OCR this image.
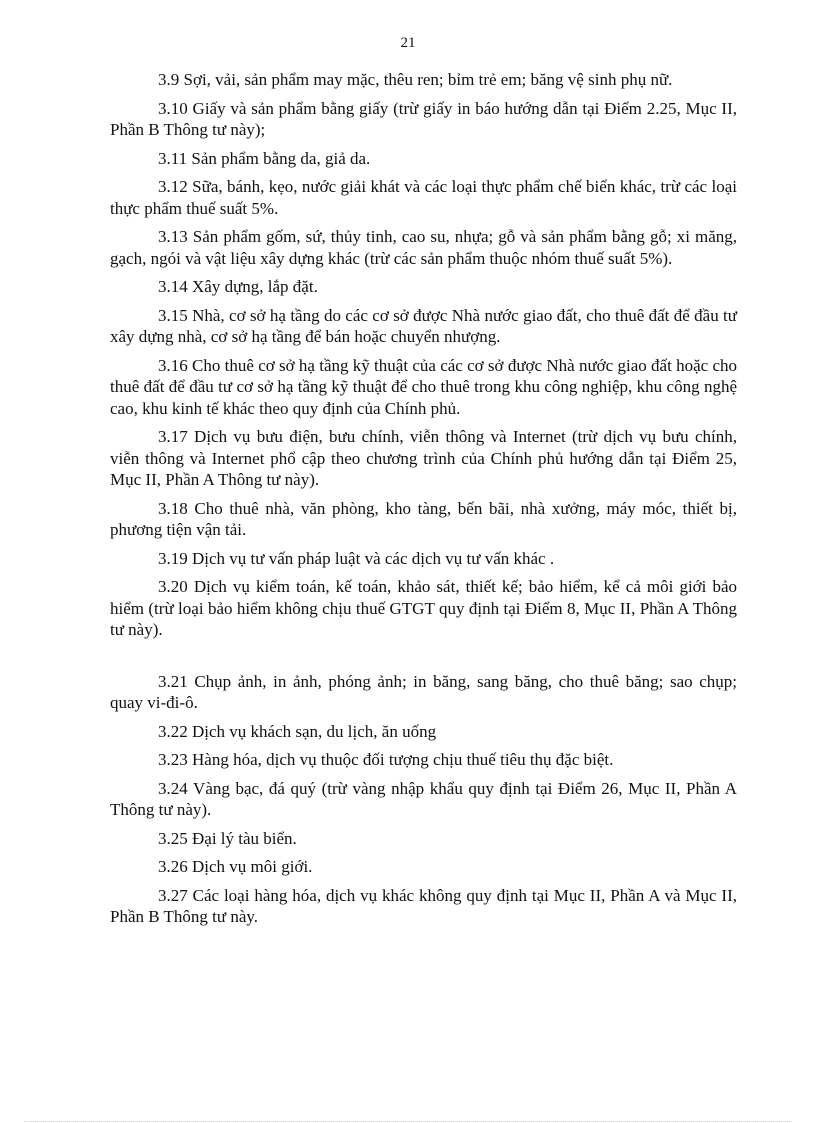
21

3.9 Sợi, vải, sản phẩm may mặc, thêu ren; bỉm trẻ em; băng vệ sinh phụ nữ.

3.10 Giấy và sản phẩm bằng giấy (trừ giấy in báo hướng dẫn tại Điểm 2.25, Mục II, Phần B Thông tư này);

3.11 Sản phẩm bằng da, giả da.

3.12 Sữa, bánh, kẹo, nước giải khát và các loại thực phẩm chế biến khác, trừ các loại thực phẩm thuế suất 5%.

3.13 Sản phẩm gốm, sứ, thủy tinh, cao su, nhựa; gỗ và sản phẩm bằng gỗ; xi măng, gạch, ngói và vật liệu xây dựng khác (trừ các sản phẩm thuộc nhóm thuế suất 5%).

3.14 Xây dựng, lắp đặt.

3.15 Nhà, cơ sở hạ tầng do các cơ sở được Nhà nước giao đất, cho thuê đất để đầu tư xây dựng nhà, cơ sở hạ tầng để bán hoặc chuyển nhượng.

3.16 Cho thuê cơ sở hạ tầng kỹ thuật của các cơ sở được Nhà nước giao đất hoặc cho thuê đất để đầu tư cơ sở hạ tầng kỹ thuật để cho thuê trong khu công nghiệp, khu công nghệ cao, khu kinh tế khác theo quy định của Chính phủ.

3.17 Dịch vụ bưu điện, bưu chính, viễn thông và Internet (trừ dịch vụ bưu chính, viễn thông và Internet phổ cập theo chương trình của Chính phủ hướng dẫn tại Điểm 25, Mục II, Phần A Thông tư này).

3.18 Cho thuê nhà, văn phòng, kho tàng, bến bãi, nhà xưởng, máy móc, thiết bị, phương tiện vận tải.

3.19 Dịch vụ tư vấn pháp luật và các dịch vụ tư vấn khác .

3.20 Dịch vụ kiểm toán, kế toán, khảo sát, thiết kế; bảo hiểm, kể cả môi giới bảo hiểm (trừ loại bảo hiểm không chịu thuế GTGT quy định tại Điểm 8, Mục II, Phần A Thông tư này).

3.21 Chụp ảnh, in ảnh, phóng ảnh; in băng, sang băng, cho thuê băng; sao chụp; quay vi-đi-ô.

3.22 Dịch vụ khách sạn, du lịch, ăn uống

3.23 Hàng hóa, dịch vụ thuộc đối tượng chịu thuế tiêu thụ đặc biệt.

3.24 Vàng bạc, đá quý (trừ vàng nhập khẩu quy định tại Điểm 26, Mục II, Phần A Thông tư này).

3.25 Đại lý tàu biển.

3.26 Dịch vụ môi giới.

3.27 Các loại hàng hóa, dịch vụ khác không quy định tại Mục II, Phần A và Mục II, Phần B Thông tư này.
